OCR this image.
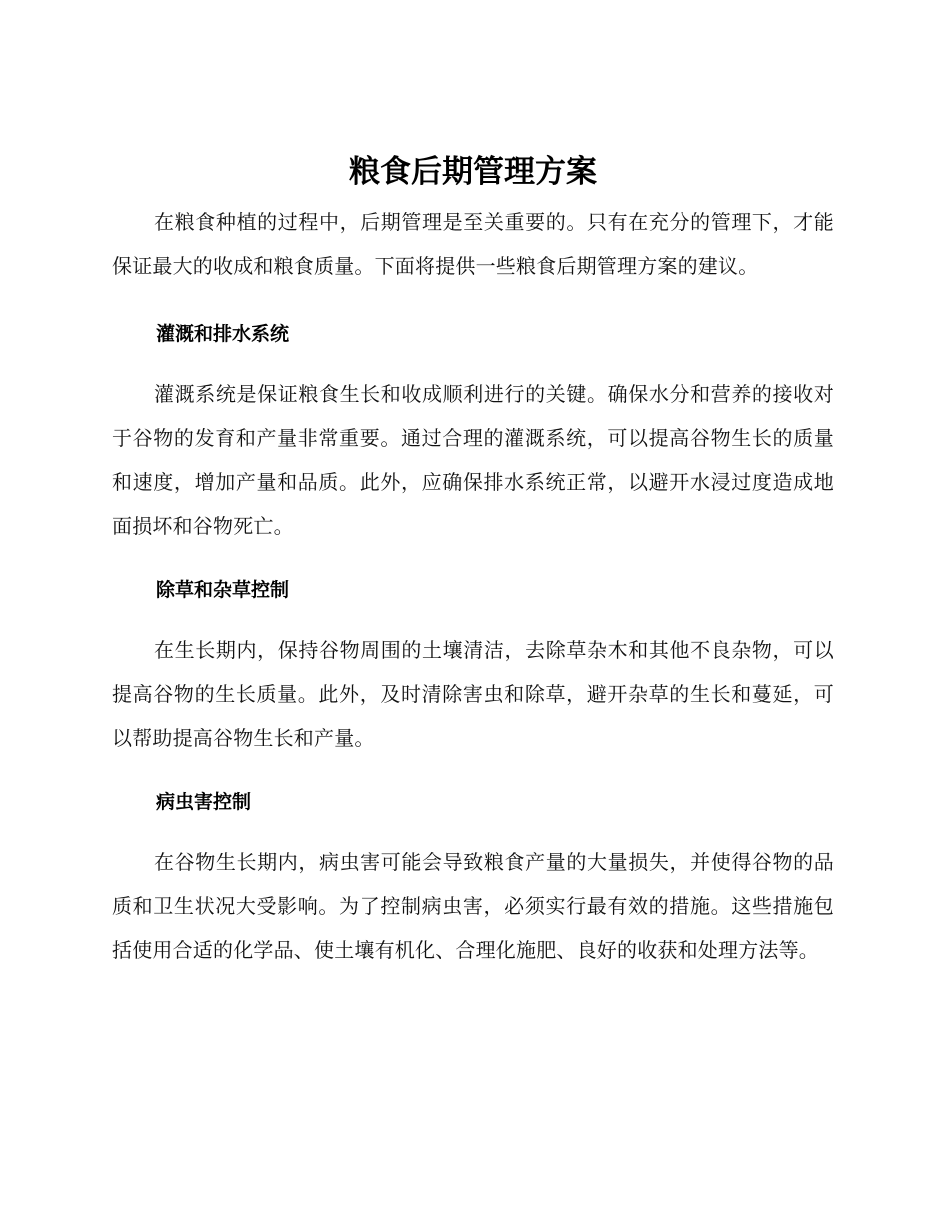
粮食后期管理方案

在粮食种植的过程中，后期管理是至关重要的。只有在充分的管理下，才能保证最大的收成和粮食质量。下面将提供一些粮食后期管理方案的建议。

灌溉和排水系统

灌溉系统是保证粮食生长和收成顺利进行的关键。确保水分和营养的接收对于谷物的发育和产量非常重要。通过合理的灌溉系统，可以提高谷物生长的质量和速度，增加产量和品质。此外，应确保排水系统正常，以避开水浸过度造成地面损坏和谷物死亡。

除草和杂草控制

在生长期内，保持谷物周围的土壤清洁，去除草杂木和其他不良杂物，可以提高谷物的生长质量。此外，及时清除害虫和除草，避开杂草的生长和蔓延，可以帮助提高谷物生长和产量。

病虫害控制

在谷物生长期内，病虫害可能会导致粮食产量的大量损失，并使得谷物的品质和卫生状况大受影响。为了控制病虫害，必须实行最有效的措施。这些措施包括使用合适的化学品、使土壤有机化、合理化施肥、良好的收获和处理方法等。
